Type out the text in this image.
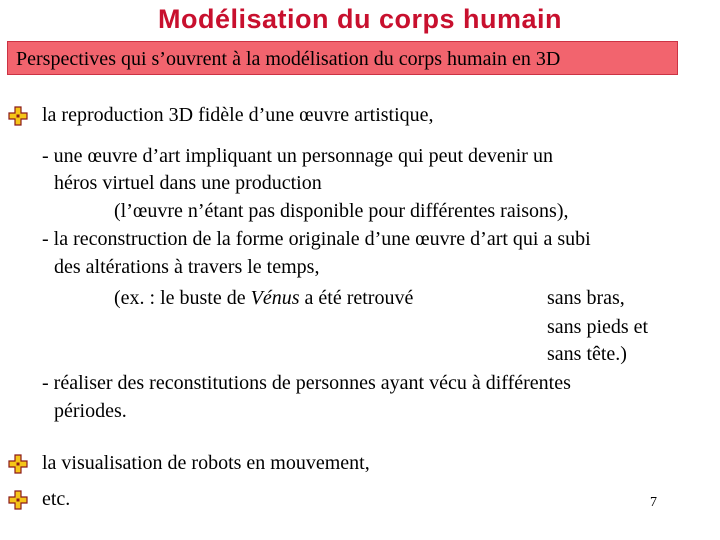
Modélisation du corps humain
Perspectives qui s’ouvrent à la modélisation du corps humain en 3D
la reproduction 3D fidèle d’une œuvre artistique,
- une œuvre d’art impliquant un personnage qui peut devenir un
héros virtuel dans une production
(l’œuvre n’étant pas disponible pour différentes raisons),
- la reconstruction de la forme originale d’une œuvre d’art qui a subi
des altérations à travers le temps,
(ex. : le buste de Vénus a été retrouvé	sans bras,
sans pieds et
sans tête.)
- réaliser des reconstitutions de personnes ayant vécu à différentes
périodes.
la visualisation de robots en mouvement,
etc.	7
